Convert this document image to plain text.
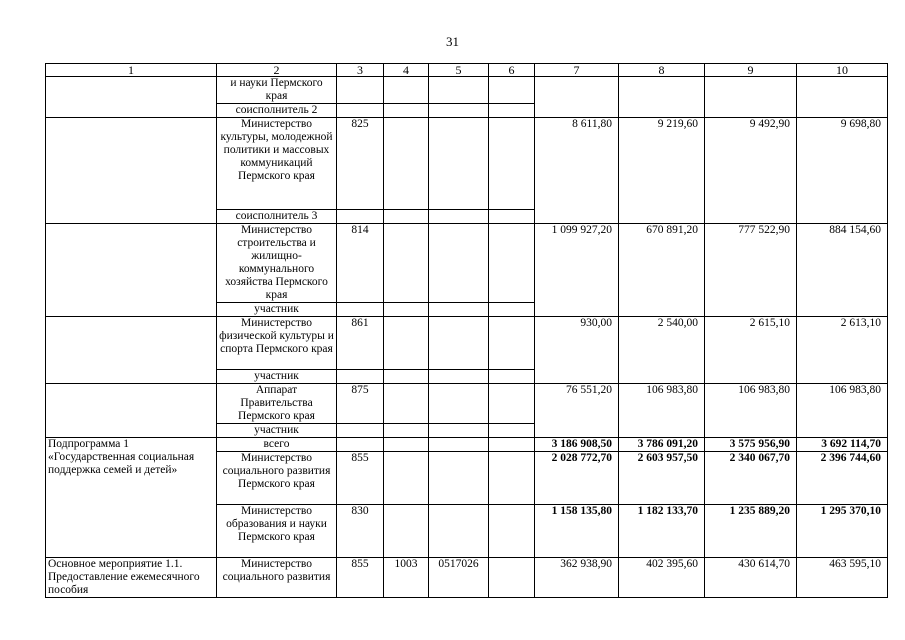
31
1	2	3	4	5	6	7	8	9	10
	и науки Пермского края								
	соисполнитель 2								
	Министерство культуры, молодежной политики и массовых коммуникаций Пермского края	825				8 611,80	9 219,60	9 492,90	9 698,80
	соисполнитель 3								
	Министерство строительства и жилищно-коммунального хозяйства Пермского края	814				1 099 927,20	670 891,20	777 522,90	884 154,60
	участник								
	Министерство физической культуры и спорта Пермского края	861				930,00	2 540,00	2 615,10	2 613,10
	участник								
	Аппарат Правительства Пермского края	875				76 551,20	106 983,80	106 983,80	106 983,80
	участник								
Подпрограмма 1 «Государственная социальная поддержка семей и детей»	всего					3 186 908,50	3 786 091,20	3 575 956,90	3 692 114,70
	Министерство социального развития Пермского края	855				2 028 772,70	2 603 957,50	2 340 067,70	2 396 744,60
	Министерство образования и науки Пермского края	830				1 158 135,80	1 182 133,70	1 235 889,20	1 295 370,10
Основное мероприятие 1.1. Предоставление ежемесячного пособия	Министерство социального развития	855	1003	0517026		362 938,90	402 395,60	430 614,70	463 595,10
